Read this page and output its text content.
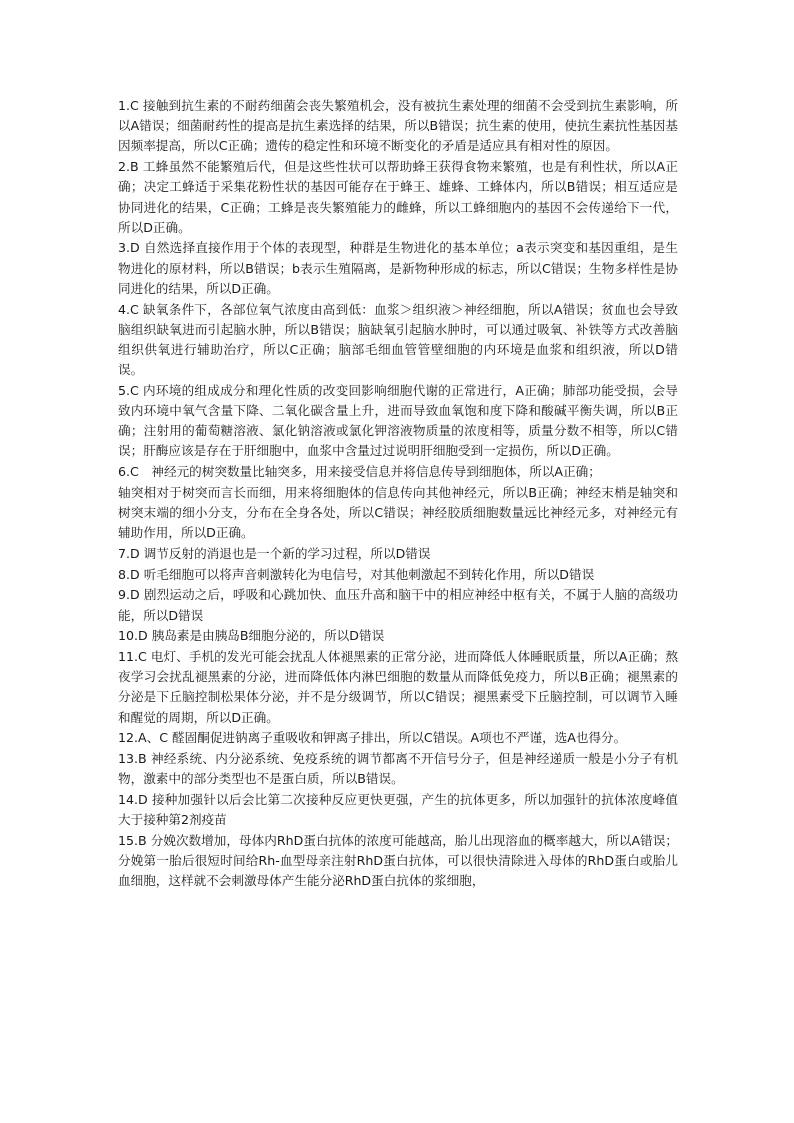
1.C 接触到抗生素的不耐药细菌会丧失繁殖机会，没有被抗生素处理的细菌不会受到抗生素影响，所以A错误；细菌耐药性的提高是抗生素选择的结果，所以B错误；抗生素的使用，使抗生素抗性基因基因频率提高，所以C正确；遗传的稳定性和环境不断变化的矛盾是适应具有相对性的原因。

2.B 工蜂虽然不能繁殖后代，但是这些性状可以帮助蜂王获得食物来繁殖，也是有利性状，所以A正确；决定工蜂适于采集花粉性状的基因可能存在于蜂王、雄蜂、工蜂体内，所以B错误；相互适应是协同进化的结果，C正确；工蜂是丧失繁殖能力的雌蜂，所以工蜂细胞内的基因不会传递给下一代，所以D正确。

3.D 自然选择直接作用于个体的表现型，种群是生物进化的基本单位；a表示突变和基因重组，是生物进化的原材料，所以B错误；b表示生殖隔离，是新物种形成的标志，所以C错误；生物多样性是协同进化的结果，所以D正确。

4.C 缺氧条件下，各部位氧气浓度由高到低：血浆＞组织液＞神经细胞，所以A错误；贫血也会导致脑组织缺氧进而引起脑水肿，所以B错误；脑缺氧引起脑水肿时，可以通过吸氧、补铁等方式改善脑组织供氧进行辅助治疗，所以C正确；脑部毛细血管管壁细胞的内环境是血浆和组织液，所以D错误。

5.C 内环境的组成成分和理化性质的改变回影响细胞代谢的正常进行，A正确；肺部功能受损，会导致内环境中氧气含量下降、二氧化碳含量上升，进而导致血氧饱和度下降和酸碱平衡失调，所以B正确；注射用的葡萄糖溶液、氯化钠溶液或氯化钾溶液物质量的浓度相等，质量分数不相等，所以C错误；肝酶应该是存在于肝细胞中，血浆中含量过过说明肝细胞受到一定损伤，所以D正确。

6.C　神经元的树突数量比轴突多，用来接受信息并将信息传导到细胞体，所以A正确；

轴突相对于树突而言长而细，用来将细胞体的信息传向其他神经元，所以B正确；神经末梢是轴突和树突末端的细小分支，分布在全身各处，所以C错误；神经胶质细胞数量远比神经元多，对神经元有辅助作用，所以D正确。

7.D 调节反射的消退也是一个新的学习过程，所以D错误

8.D 听毛细胞可以将声音刺激转化为电信号，对其他刺激起不到转化作用，所以D错误

9.D 剧烈运动之后，呼吸和心跳加快、血压升高和脑干中的相应神经中枢有关，不属于人脑的高级功能，所以D错误

10.D 胰岛素是由胰岛B细胞分泌的，所以D错误

11.C 电灯、手机的发光可能会扰乱人体褪黑素的正常分泌，进而降低人体睡眠质量，所以A正确；熬夜学习会扰乱褪黑素的分泌，进而降低体内淋巴细胞的数量从而降低免疫力，所以B正确；褪黑素的分泌是下丘脑控制松果体分泌，并不是分级调节，所以C错误；褪黑素受下丘脑控制，可以调节入睡和醒觉的周期，所以D正确。

12.A、C 醛固酮促进钠离子重吸收和钾离子排出，所以C错误。A项也不严谨，选A也得分。

13.B 神经系统、内分泌系统、免疫系统的调节都离不开信号分子，但是神经递质一般是小分子有机物，激素中的部分类型也不是蛋白质，所以B错误。

14.D 接种加强针以后会比第二次接种反应更快更强，产生的抗体更多，所以加强针的抗体浓度峰值大于接种第2剂疫苗

15.B 分娩次数增加，母体内RhD蛋白抗体的浓度可能越高，胎儿出现溶血的概率越大，所以A错误；分娩第一胎后很短时间给Rh-血型母亲注射RhD蛋白抗体，可以很快清除进入母体的RhD蛋白或胎儿血细胞，这样就不会刺激母体产生能分泌RhD蛋白抗体的浆细胞，
